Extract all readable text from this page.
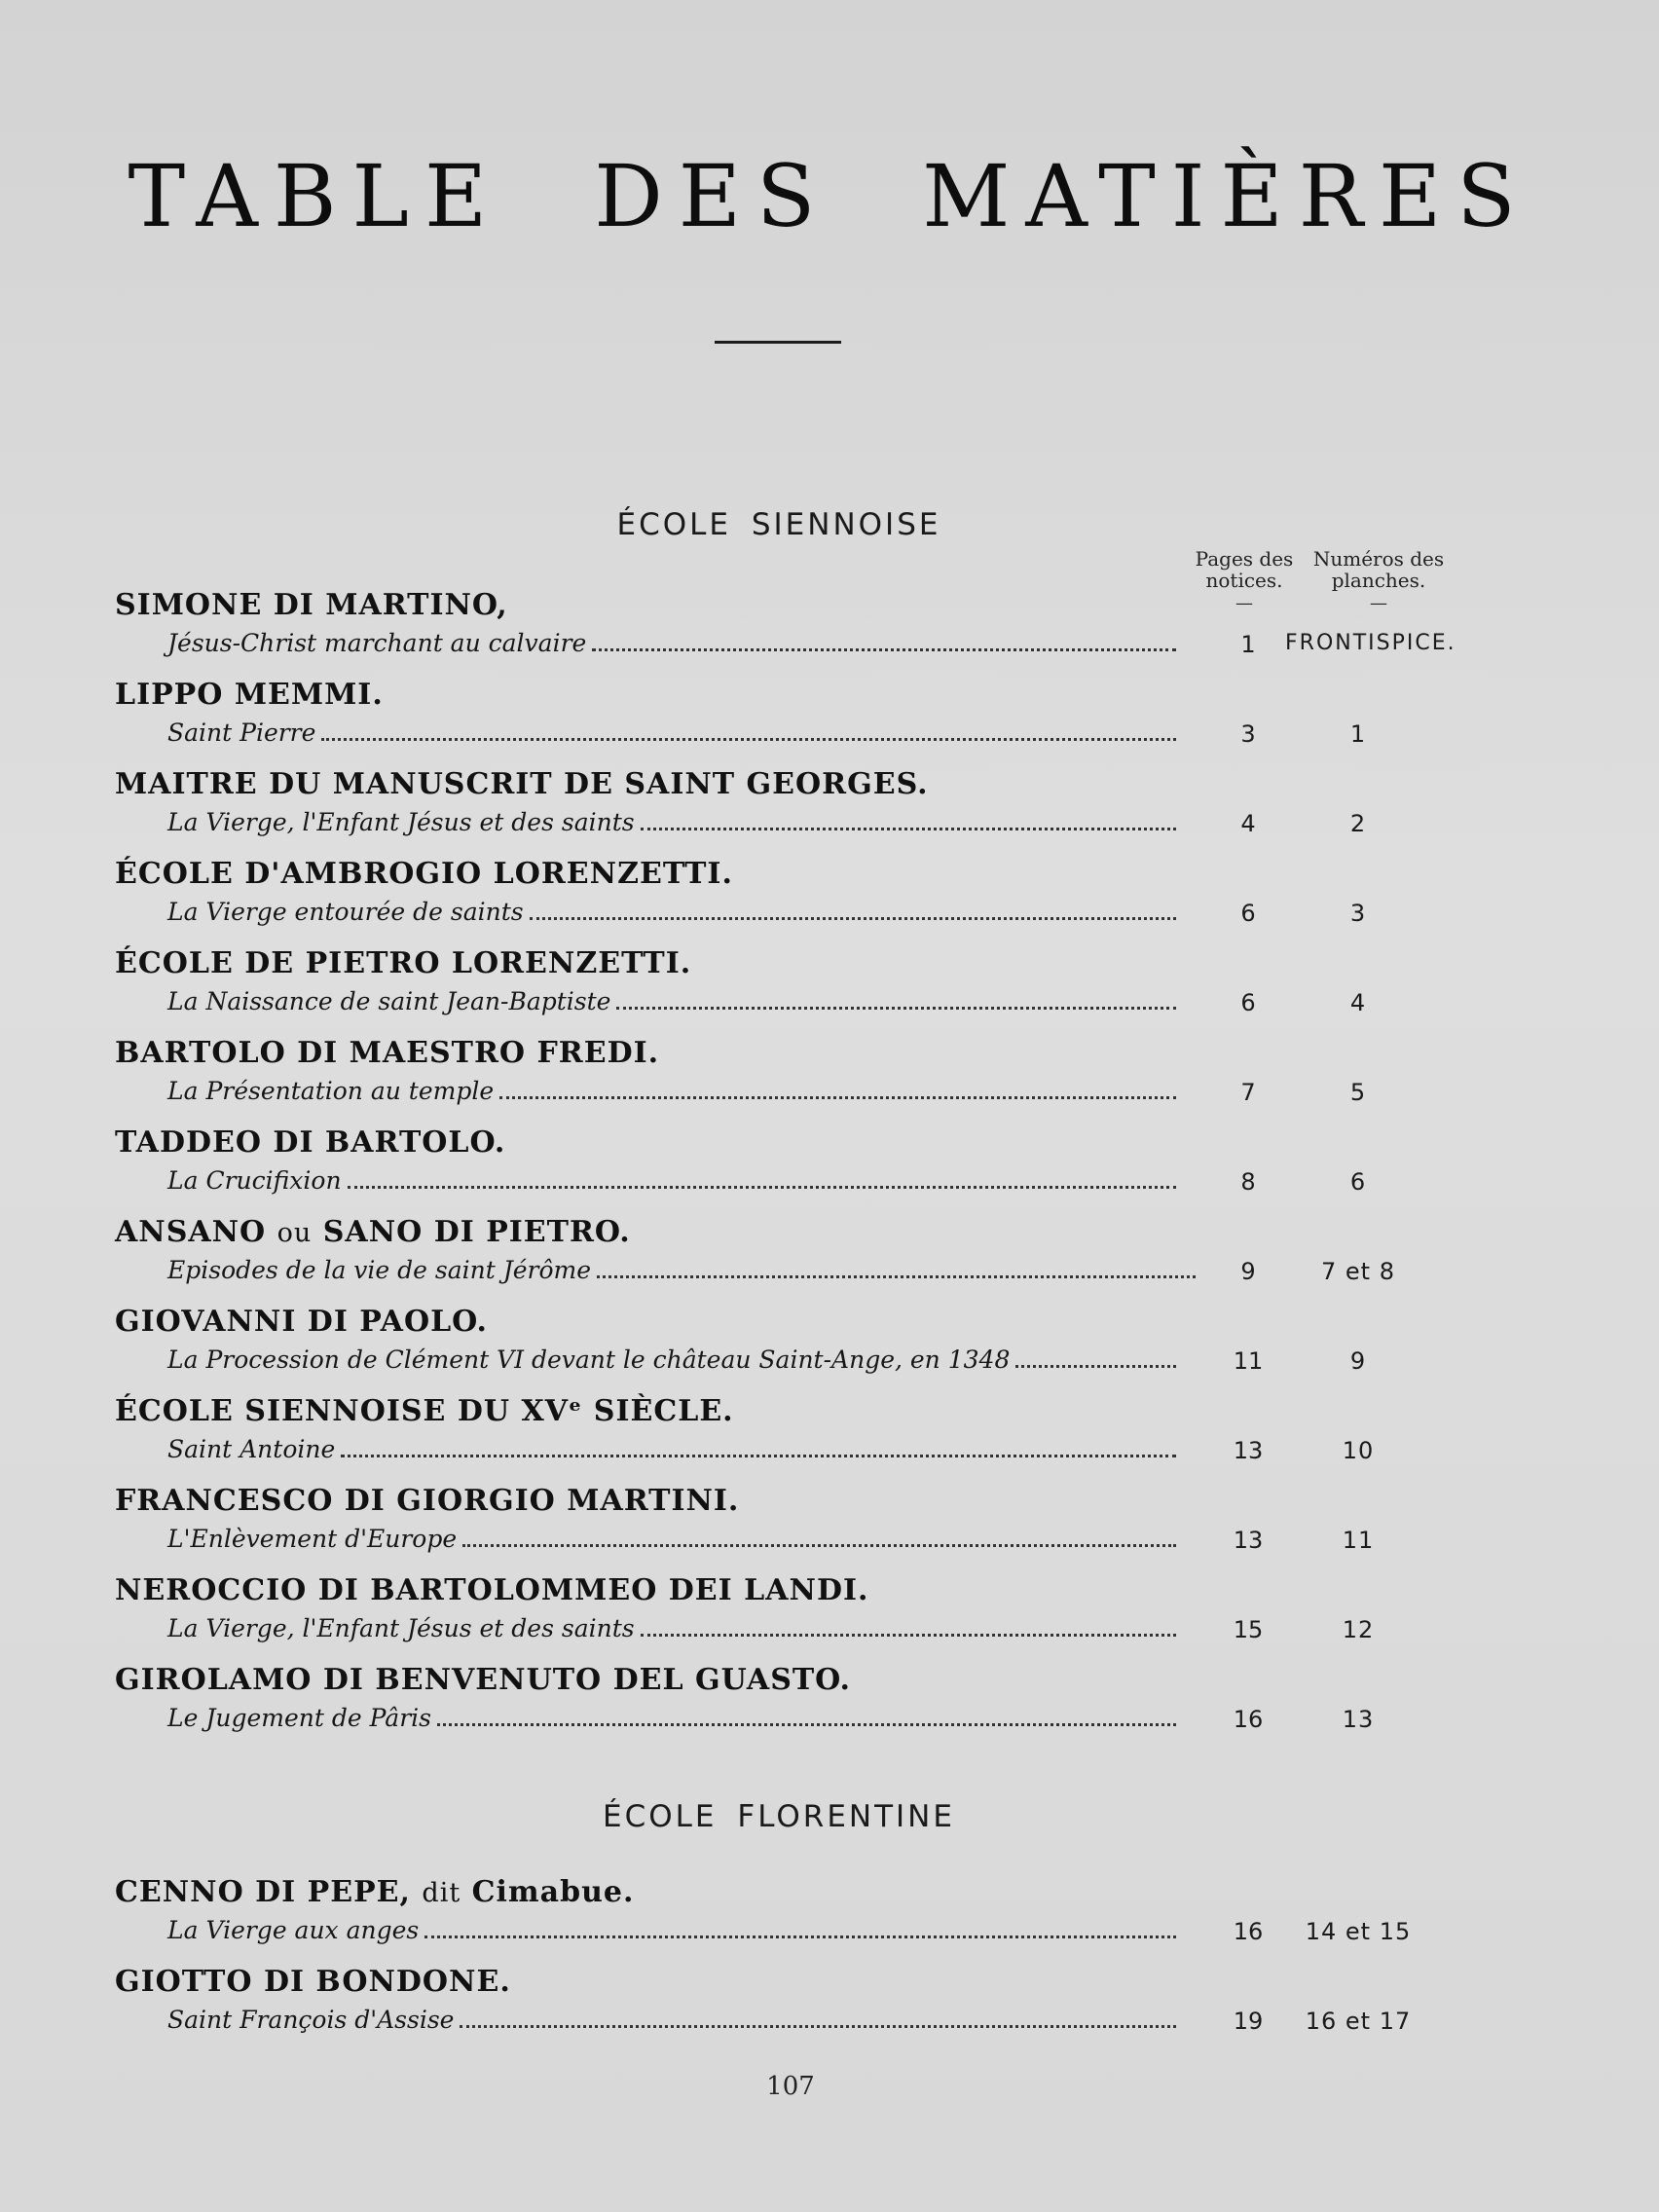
TABLE DES MATIÈRES
ÉCOLE SIENNOISE
Pages des notices.
—
Numéros des planches.
—
SIMONE DI MARTINO,
Jésus-Christ marchant au calvaire	1	FRONTISPICE.
LIPPO MEMMI.
Saint Pierre	3	1
MAITRE DU MANUSCRIT DE SAINT GEORGES.
La Vierge, l'Enfant Jésus et des saints	4	2
ÉCOLE D'AMBROGIO LORENZETTI.
La Vierge entourée de saints	6	3
ÉCOLE DE PIETRO LORENZETTI.
La Naissance de saint Jean-Baptiste	6	4
BARTOLO DI MAESTRO FREDI.
La Présentation au temple	7	5
TADDEO DI BARTOLO.
La Crucifixion	8	6
ANSANO ou SANO DI PIETRO.
Episodes de la vie de saint Jérôme	9	7 et 8
GIOVANNI DI PAOLO.
La Procession de Clément VI devant le château Saint-Ange, en 1348	11	9
ÉCOLE SIENNOISE DU XVᵉ SIÈCLE.
Saint Antoine	13	10
FRANCESCO DI GIORGIO MARTINI.
L'Enlèvement d'Europe	13	11
NEROCCIO DI BARTOLOMMEO DEI LANDI.
La Vierge, l'Enfant Jésus et des saints	15	12
GIROLAMO DI BENVENUTO DEL GUASTO.
Le Jugement de Pâris	16	13
ÉCOLE FLORENTINE
CENNO DI PEPE, dit Cimabue.
La Vierge aux anges	16	14 et 15
GIOTTO DI BONDONE.
Saint François d'Assise	19	16 et 17
107
